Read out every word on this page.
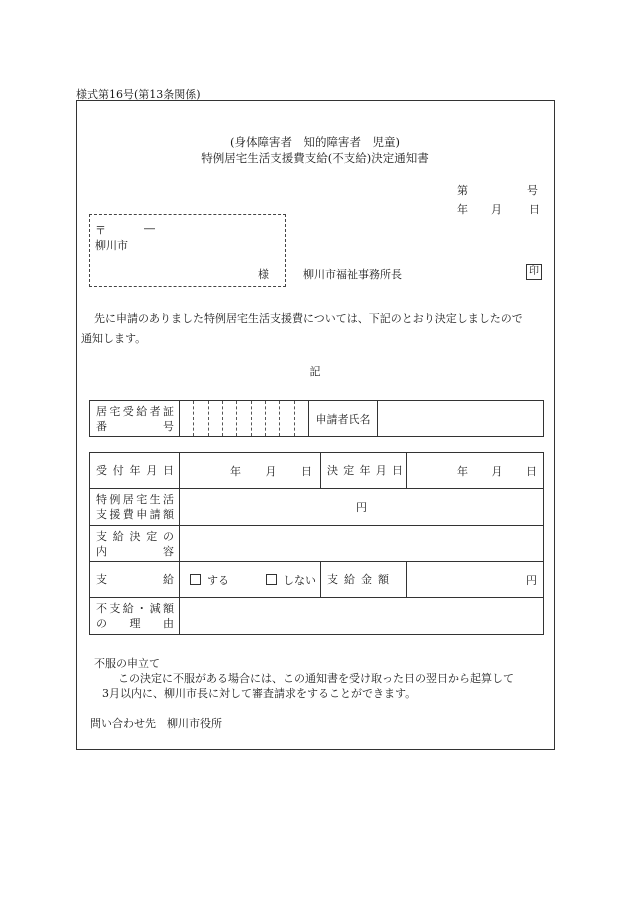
様式第16号(第13条関係)
(身体障害者　知的障害者　児童)
特例居宅生活支援費支給(不支給)決定通知書
第	号
年 月 日
〒	―
柳川市
様	柳川市福祉事務所長	印
先に申請のありました特例居宅生活支援費については、下記のとおり決定しましたので
通知します。
記
居宅受給者証
番　　　号

	申請者氏名	
受付年月日	年 月 日	決定年月日	年 月 日

特例居宅生活
支援費申請額	円		

支給決定の
内　　　容			

支　　　給	する しない	支給金額	円

不支給・減額
の　理　由			

不服の申立て
この決定に不服がある場合には、この通知書を受け取った日の翌日から起算して
3月以内に、柳川市長に対して審査請求をすることができます。
問い合わせ先　柳川市役所
